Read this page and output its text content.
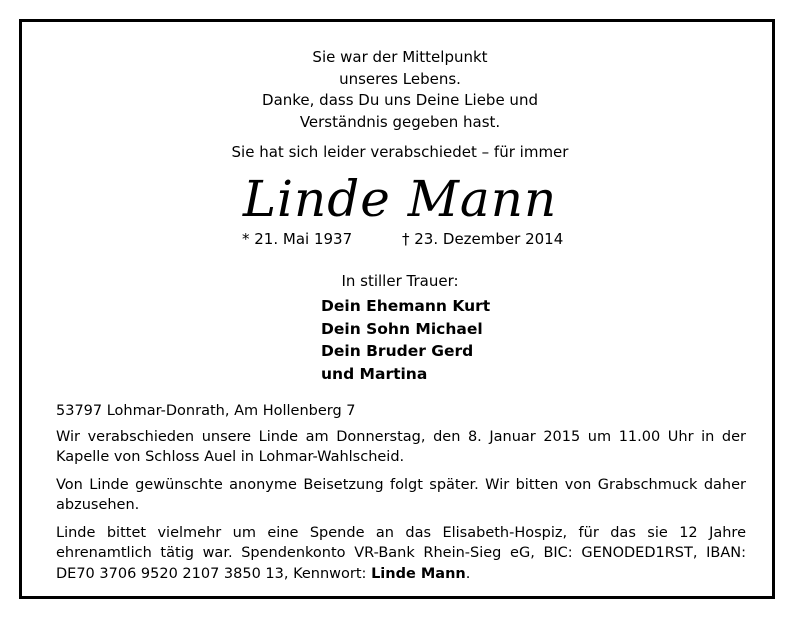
Sie war der Mittelpunkt
unseres Lebens.
Danke, dass Du uns Deine Liebe und
Verständnis gegeben hast.
Sie hat sich leider verabschiedet – für immer
Linde Mann
* 21. Mai 1937	† 23. Dezember 2014
In stiller Trauer:
Dein Ehemann Kurt
Dein Sohn Michael
Dein Bruder Gerd
und Martina

53797 Lohmar-Donrath, Am Hollenberg 7

Wir verabschieden unsere Linde am Donnerstag, den 8. Januar 2015 um 11.00 Uhr in der Kapelle von Schloss Auel in Lohmar-Wahlscheid.

Von Linde gewünschte anonyme Beisetzung folgt später. Wir bitten von Grabschmuck daher abzusehen.

Linde bittet vielmehr um eine Spende an das Elisabeth-Hospiz, für das sie 12 Jahre ehrenamtlich tätig war. Spendenkonto VR-Bank Rhein-Sieg eG, BIC: GENODED1RST, IBAN: DE70 3706 9520 2107 3850 13, Kennwort: Linde Mann.
